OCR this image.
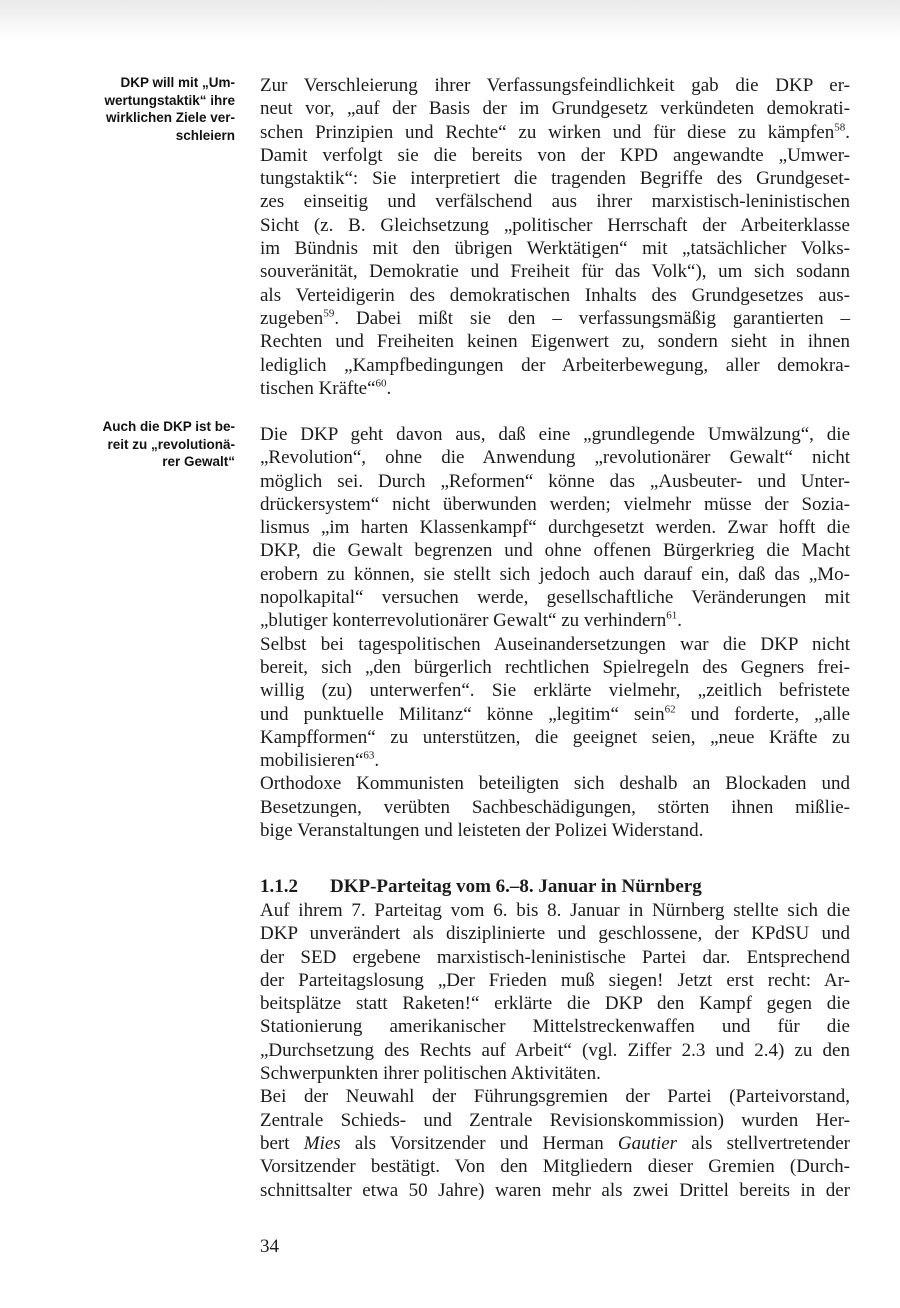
DKP will mit „Um-
wertungstaktik“ ihre
wirklichen Ziele ver-
schleiern
Auch die DKP ist be-
reit zu „revolutionä-
rer Gewalt“
Zur Verschleierung ihrer Verfassungsfeindlichkeit gab die DKP er-
neut vor, „auf der Basis der im Grundgesetz verkündeten demokrati-
schen Prinzipien und Rechte“ zu wirken und für diese zu kämpfen$^{58}$.
Damit verfolgt sie die bereits von der KPD angewandte „Umwer-
tungstaktik“: Sie interpretiert die tragenden Begriffe des Grundgeset-
zes einseitig und verfälschend aus ihrer marxistisch-leninistischen
Sicht (z. B. Gleichsetzung „politischer Herrschaft der Arbeiterklasse
im Bündnis mit den übrigen Werktätigen“ mit „tatsächlicher Volks-
souveränität, Demokratie und Freiheit für das Volk“), um sich sodann
als Verteidigerin des demokratischen Inhalts des Grundgesetzes aus-
zugeben$^{59}$. Dabei mißt sie den – verfassungsmäßig garantierten –
Rechten und Freiheiten keinen Eigenwert zu, sondern sieht in ihnen
lediglich „Kampfbedingungen der Arbeiterbewegung, aller demokra-
tischen Kräfte“$^{60}$.
Die DKP geht davon aus, daß eine „grundlegende Umwälzung“, die
„Revolution“, ohne die Anwendung „revolutionärer Gewalt“ nicht
möglich sei. Durch „Reformen“ könne das „Ausbeuter- und Unter-
drückersystem“ nicht überwunden werden; vielmehr müsse der Sozia-
lismus „im harten Klassenkampf“ durchgesetzt werden. Zwar hofft die
DKP, die Gewalt begrenzen und ohne offenen Bürgerkrieg die Macht
erobern zu können, sie stellt sich jedoch auch darauf ein, daß das „Mo-
nopolkapital“ versuchen werde, gesellschaftliche Veränderungen mit
„blutiger konterrevolutionärer Gewalt“ zu verhindern$^{61}$.
Selbst bei tagespolitischen Auseinandersetzungen war die DKP nicht
bereit, sich „den bürgerlich rechtlichen Spielregeln des Gegners frei-
willig (zu) unterwerfen“. Sie erklärte vielmehr, „zeitlich befristete
und punktuelle Militanz“ könne „legitim“ sein$^{62}$ und forderte, „alle
Kampfformen“ zu unterstützen, die geeignet seien, „neue Kräfte zu
mobilisieren“$^{63}$.
Orthodoxe Kommunisten beteiligten sich deshalb an Blockaden und
Besetzungen, verübten Sachbeschädigungen, störten ihnen mißlie-
bige Veranstaltungen und leisteten der Polizei Widerstand.
1.1.2 DKP-Parteitag vom 6.–8. Januar in Nürnberg
Auf ihrem 7. Parteitag vom 6. bis 8. Januar in Nürnberg stellte sich die
DKP unverändert als disziplinierte und geschlossene, der KPdSU und
der SED ergebene marxistisch-leninistische Partei dar. Entsprechend
der Parteitagslosung „Der Frieden muß siegen! Jetzt erst recht: Ar-
beitsplätze statt Raketen!“ erklärte die DKP den Kampf gegen die
Stationierung amerikanischer Mittelstreckenwaffen und für die
„Durchsetzung des Rechts auf Arbeit“ (vgl. Ziffer 2.3 und 2.4) zu den
Schwerpunkten ihrer politischen Aktivitäten.
Bei der Neuwahl der Führungsgremien der Partei (Parteivorstand,
Zentrale Schieds- und Zentrale Revisionskommission) wurden Her-
bert Mies als Vorsitzender und Herman Gautier als stellvertretender
Vorsitzender bestätigt. Von den Mitgliedern dieser Gremien (Durch-
schnittsalter etwa 50 Jahre) waren mehr als zwei Drittel bereits in der
34
